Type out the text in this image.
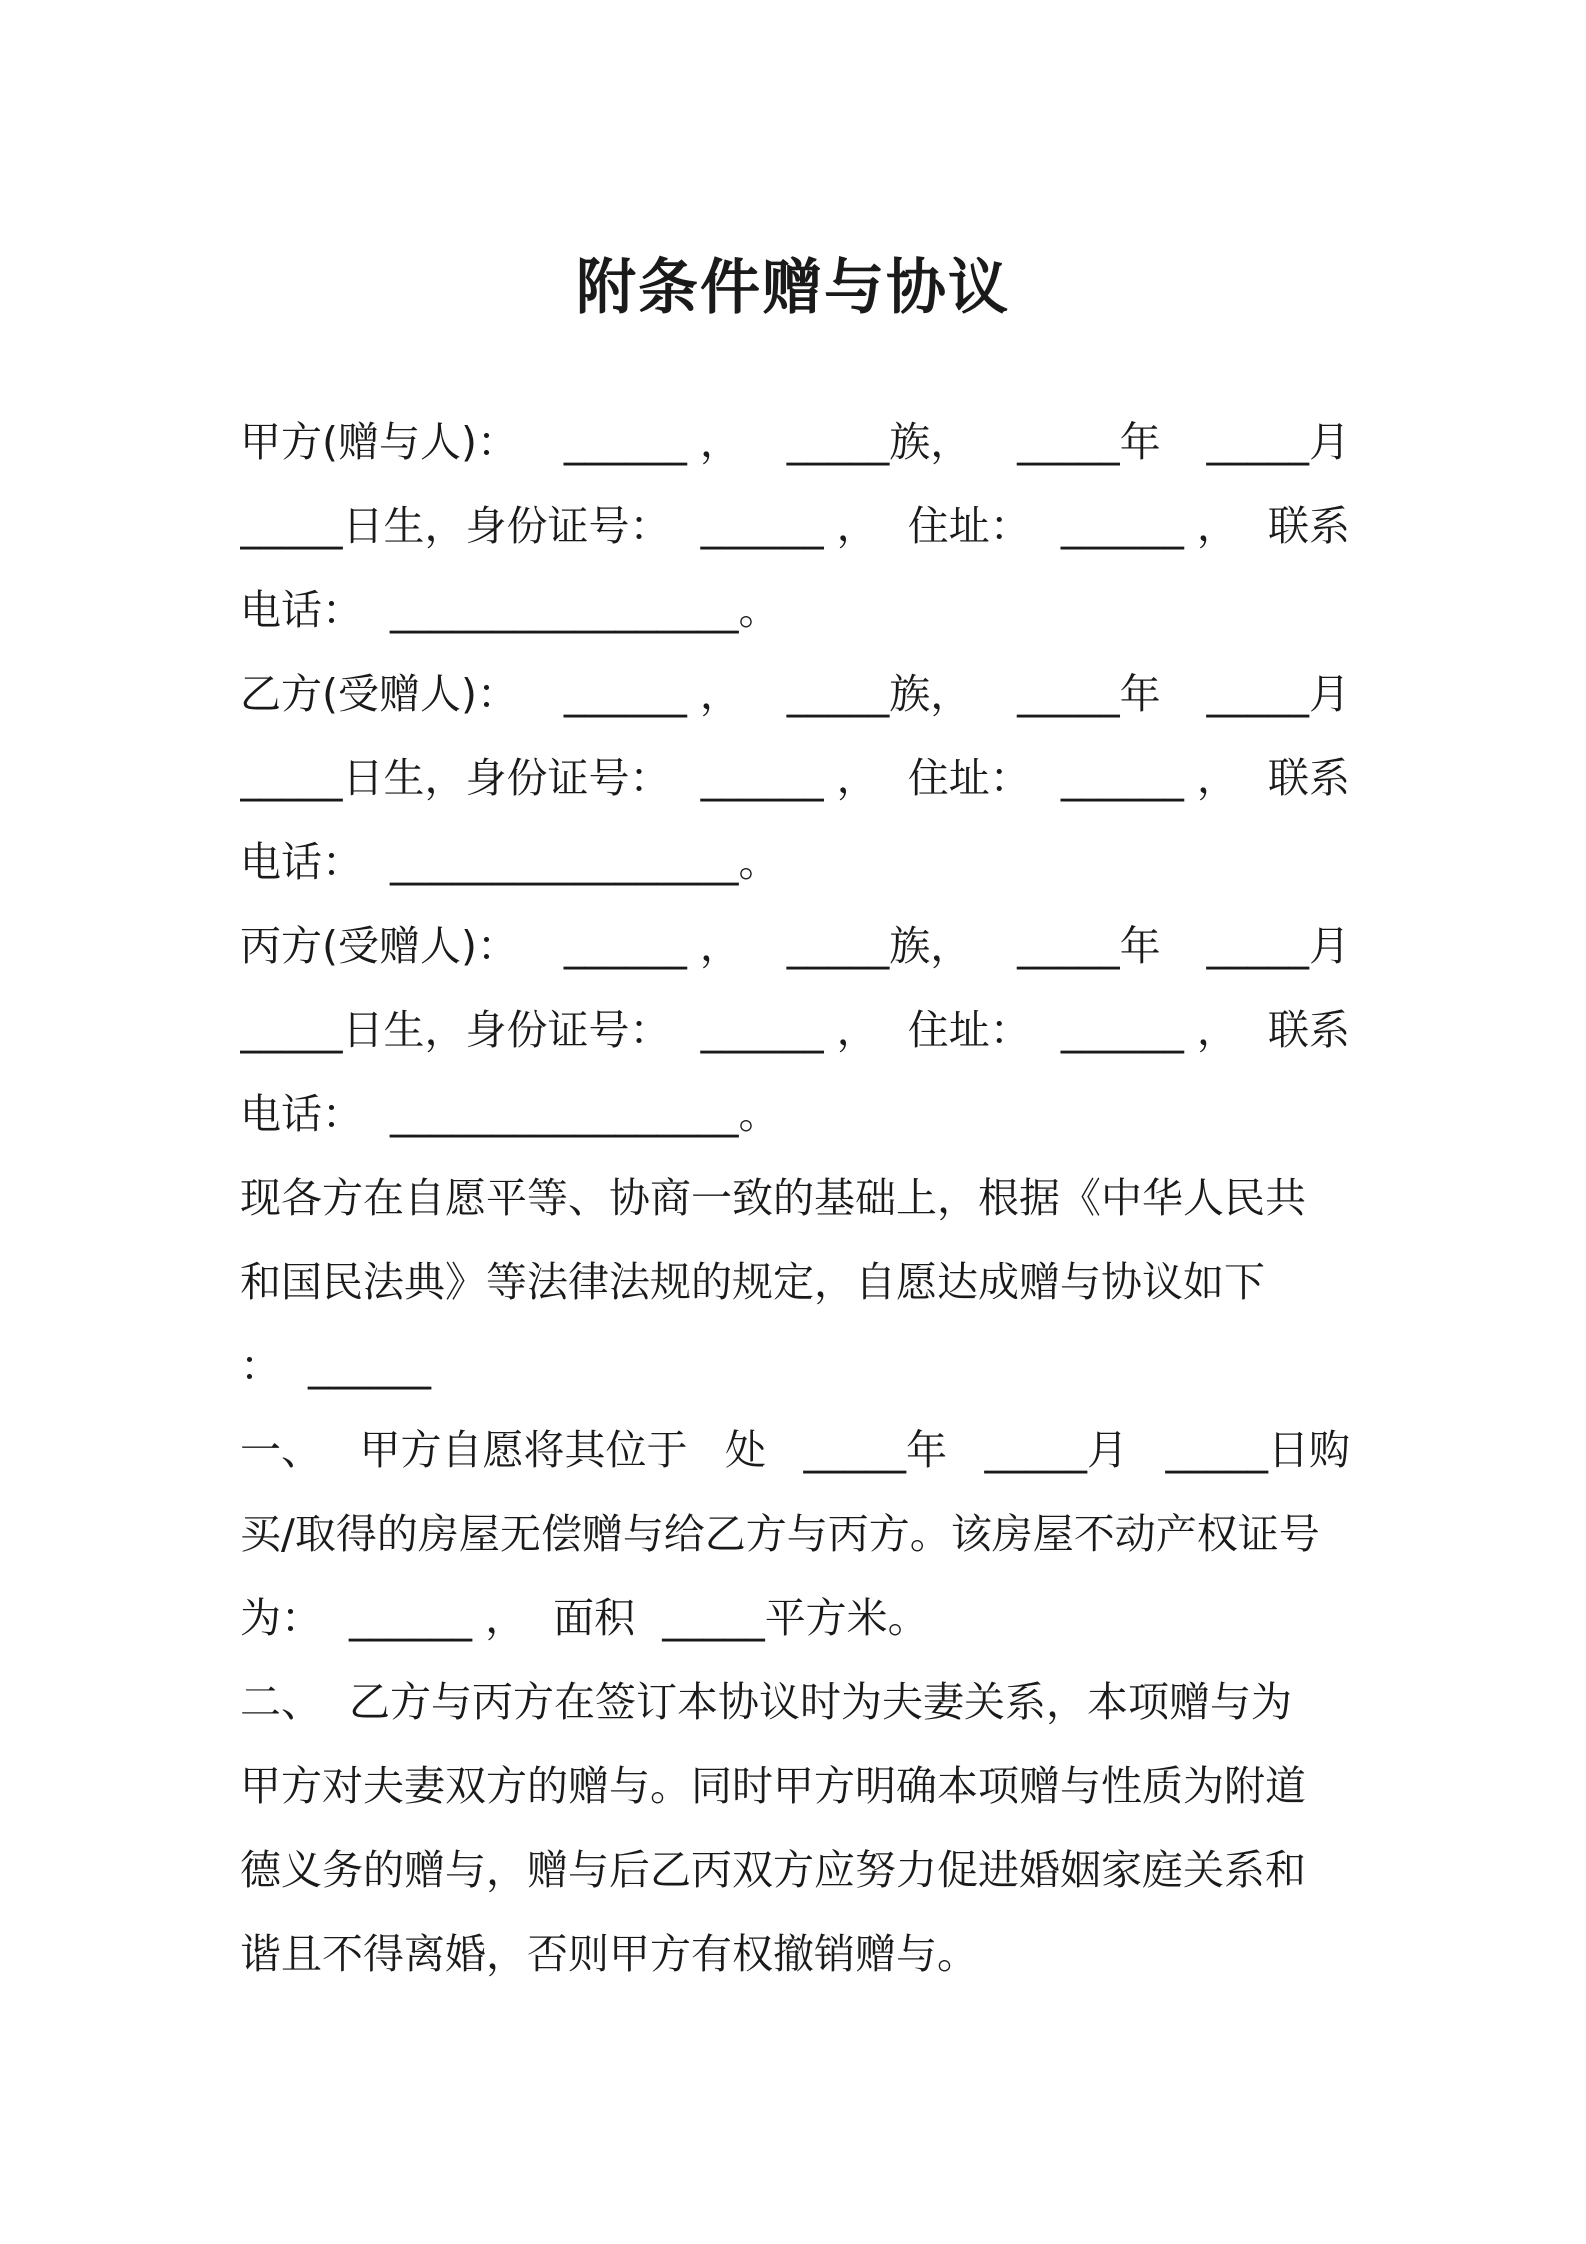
附条件赠与协议
甲方(赠与人)： ______ ， _____族， _____年 _____月
_____日生，身份证号： ______ ， 住址： ______ ， 联系
电话： _________________。
乙方(受赠人)： ______ ， _____族， _____年 _____月
_____日生，身份证号： ______ ， 住址： ______ ， 联系
电话： _________________。
丙方(受赠人)： ______ ， _____族， _____年 _____月
_____日生，身份证号： ______ ， 住址： ______ ， 联系
电话： _________________。
现各方在自愿平等、协商一致的基础上，根据《中华人民共
和国民法典》等法律法规的规定，自愿达成赠与协议如下
： ______
一、 甲方自愿将其位于 处 _____年 _____月 _____日购
买/取得的房屋无偿赠与给乙方与丙方。该房屋不动产权证号
为： ______ ， 面积 _____平方米。
二、 乙方与丙方在签订本协议时为夫妻关系，本项赠与为
甲方对夫妻双方的赠与。同时甲方明确本项赠与性质为附道
德义务的赠与，赠与后乙丙双方应努力促进婚姻家庭关系和
谐且不得离婚，否则甲方有权撤销赠与。
